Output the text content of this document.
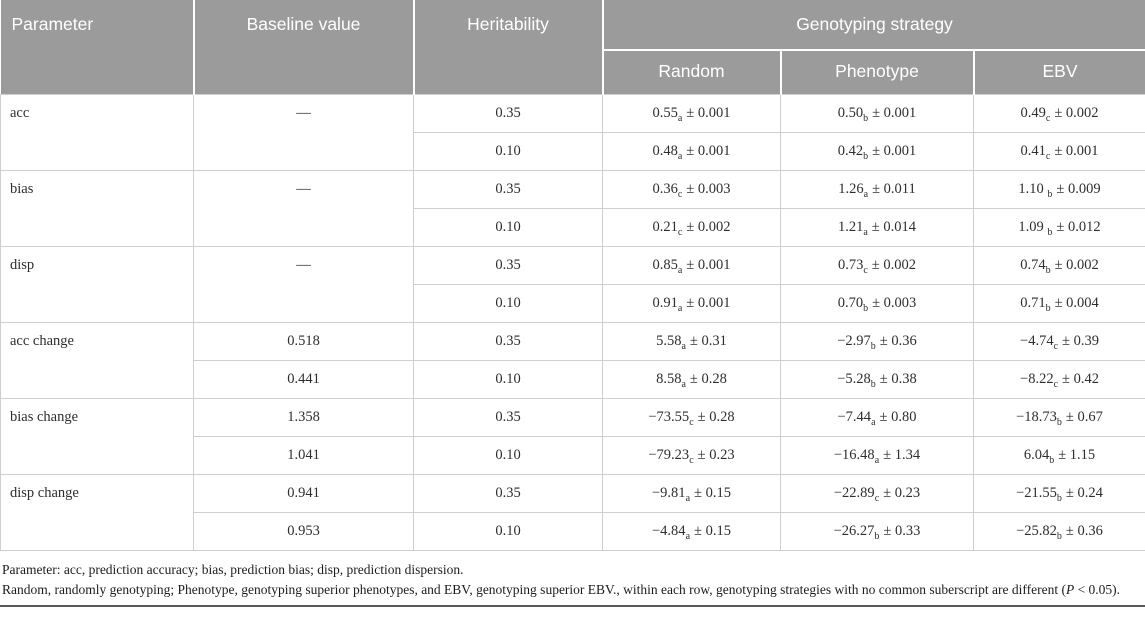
Parameter	Baseline value	Heritability	Genotyping strategy		
			Random	Phenotype	EBV
acc	—	0.35	$0.55_a \pm 0.001$	$0.50_b \pm 0.001$	$0.49_c \pm 0.002$
		0.10	$0.48_a \pm 0.001$	$0.42_b \pm 0.001$	$0.41_c \pm 0.001$
bias	—	0.35	$0.36_c \pm 0.003$	$1.26_a \pm 0.011$	1.10 $_b$ ± 0.009
		0.10	$0.21_c \pm 0.002$	$1.21_a \pm 0.014$	1.09 $_b$ ± 0.012
disp	—	0.35	$0.85_a \pm 0.001$	$0.73_c \pm 0.002$	$0.74_b \pm 0.002$
		0.10	$0.91_a \pm 0.001$	$0.70_b \pm 0.003$	$0.71_b \pm 0.004$
acc change	0.518	0.35	$5.58_a \pm 0.31$	$-2.97_b \pm 0.36$	$-4.74_c \pm 0.39$
	0.441	0.10	$8.58_a \pm 0.28$	$-5.28_b \pm 0.38$	$-8.22_c \pm 0.42$
bias change	1.358	0.35	$-73.55_c \pm 0.28$	$-7.44_a \pm 0.80$	$-18.73_b \pm 0.67$
	1.041	0.10	$-79.23_c \pm 0.23$	$-16.48_a \pm 1.34$	$6.04_b \pm 1.15$
disp change	0.941	0.35	$-9.81_a \pm 0.15$	$-22.89_c \pm 0.23$	$-21.55_b \pm 0.24$
	0.953	0.10	$-4.84_a \pm 0.15$	$-26.27_b \pm 0.33$	$-25.82_b \pm 0.36$

Parameter: acc, prediction accuracy; bias, prediction bias; disp, prediction dispersion.

Random, randomly genotyping; Phenotype, genotyping superior phenotypes, and EBV, genotyping superior EBV., within each row, genotyping strategies with no common suberscript are different (P < 0.05).
